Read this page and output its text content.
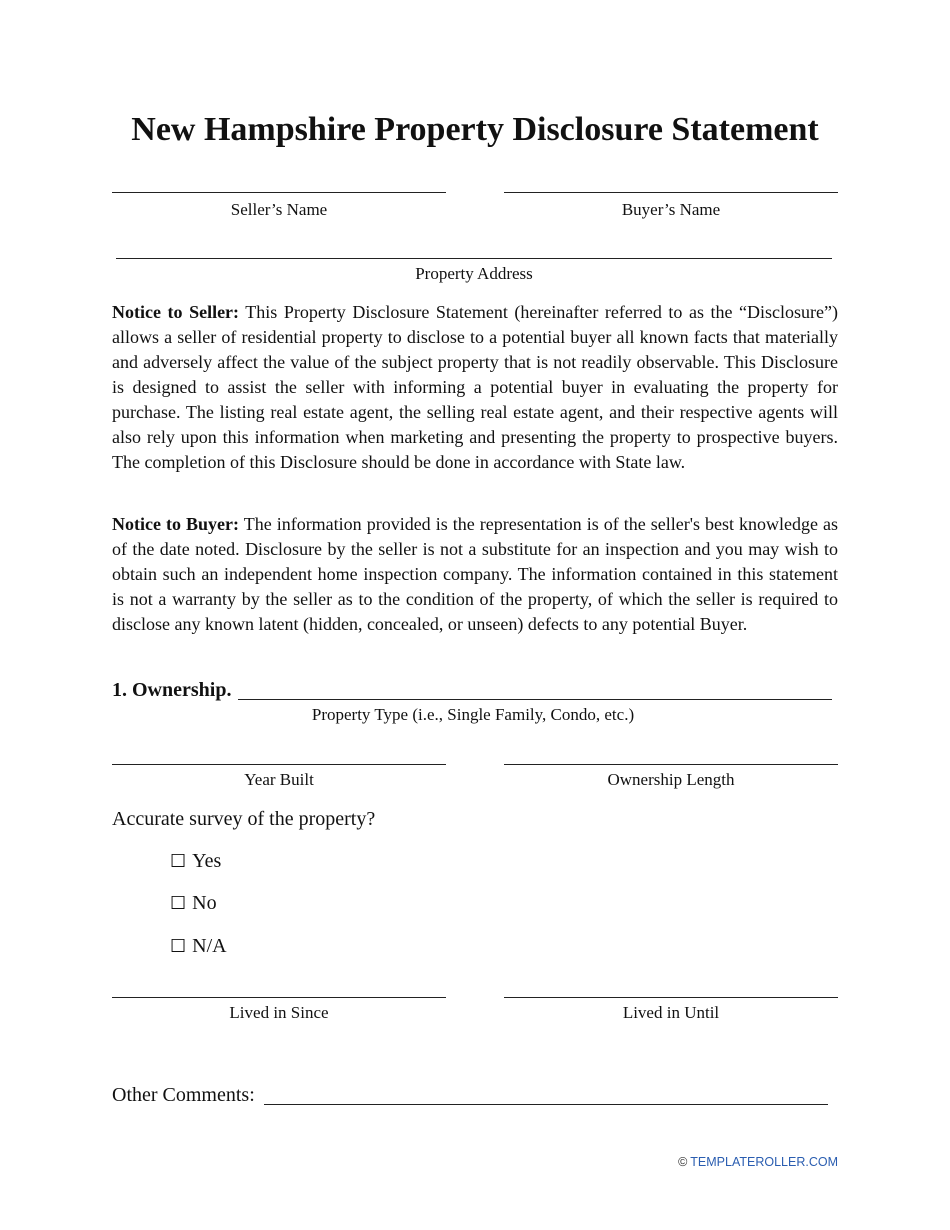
New Hampshire Property Disclosure Statement
Seller’s Name	Buyer’s Name
Property Address
Notice to Seller: This Property Disclosure Statement (hereinafter referred to as the “Disclosure”) allows a seller of residential property to disclose to a potential buyer all known facts that materially and adversely affect the value of the subject property that is not readily observable. This Disclosure is designed to assist the seller with informing a potential buyer in evaluating the property for purchase. The listing real estate agent, the selling real estate agent, and their respective agents will also rely upon this information when marketing and presenting the property to prospective buyers. The completion of this Disclosure should be done in accordance with State law.
Notice to Buyer: The information provided is the representation is of the seller's best knowledge as of the date noted. Disclosure by the seller is not a substitute for an inspection and you may wish to obtain such an independent home inspection company. The information contained in this statement is not a warranty by the seller as to the condition of the property, of which the seller is required to disclose any known latent (hidden, concealed, or unseen) defects to any potential Buyer.
1. Ownership.
Property Type (i.e., Single Family, Condo, etc.)
Year Built	Ownership Length
Accurate survey of the property?
☐ Yes
☐ No
☐ N/A
Lived in Since	Lived in Until
Other Comments:
© TEMPLATEROLLER.COM
